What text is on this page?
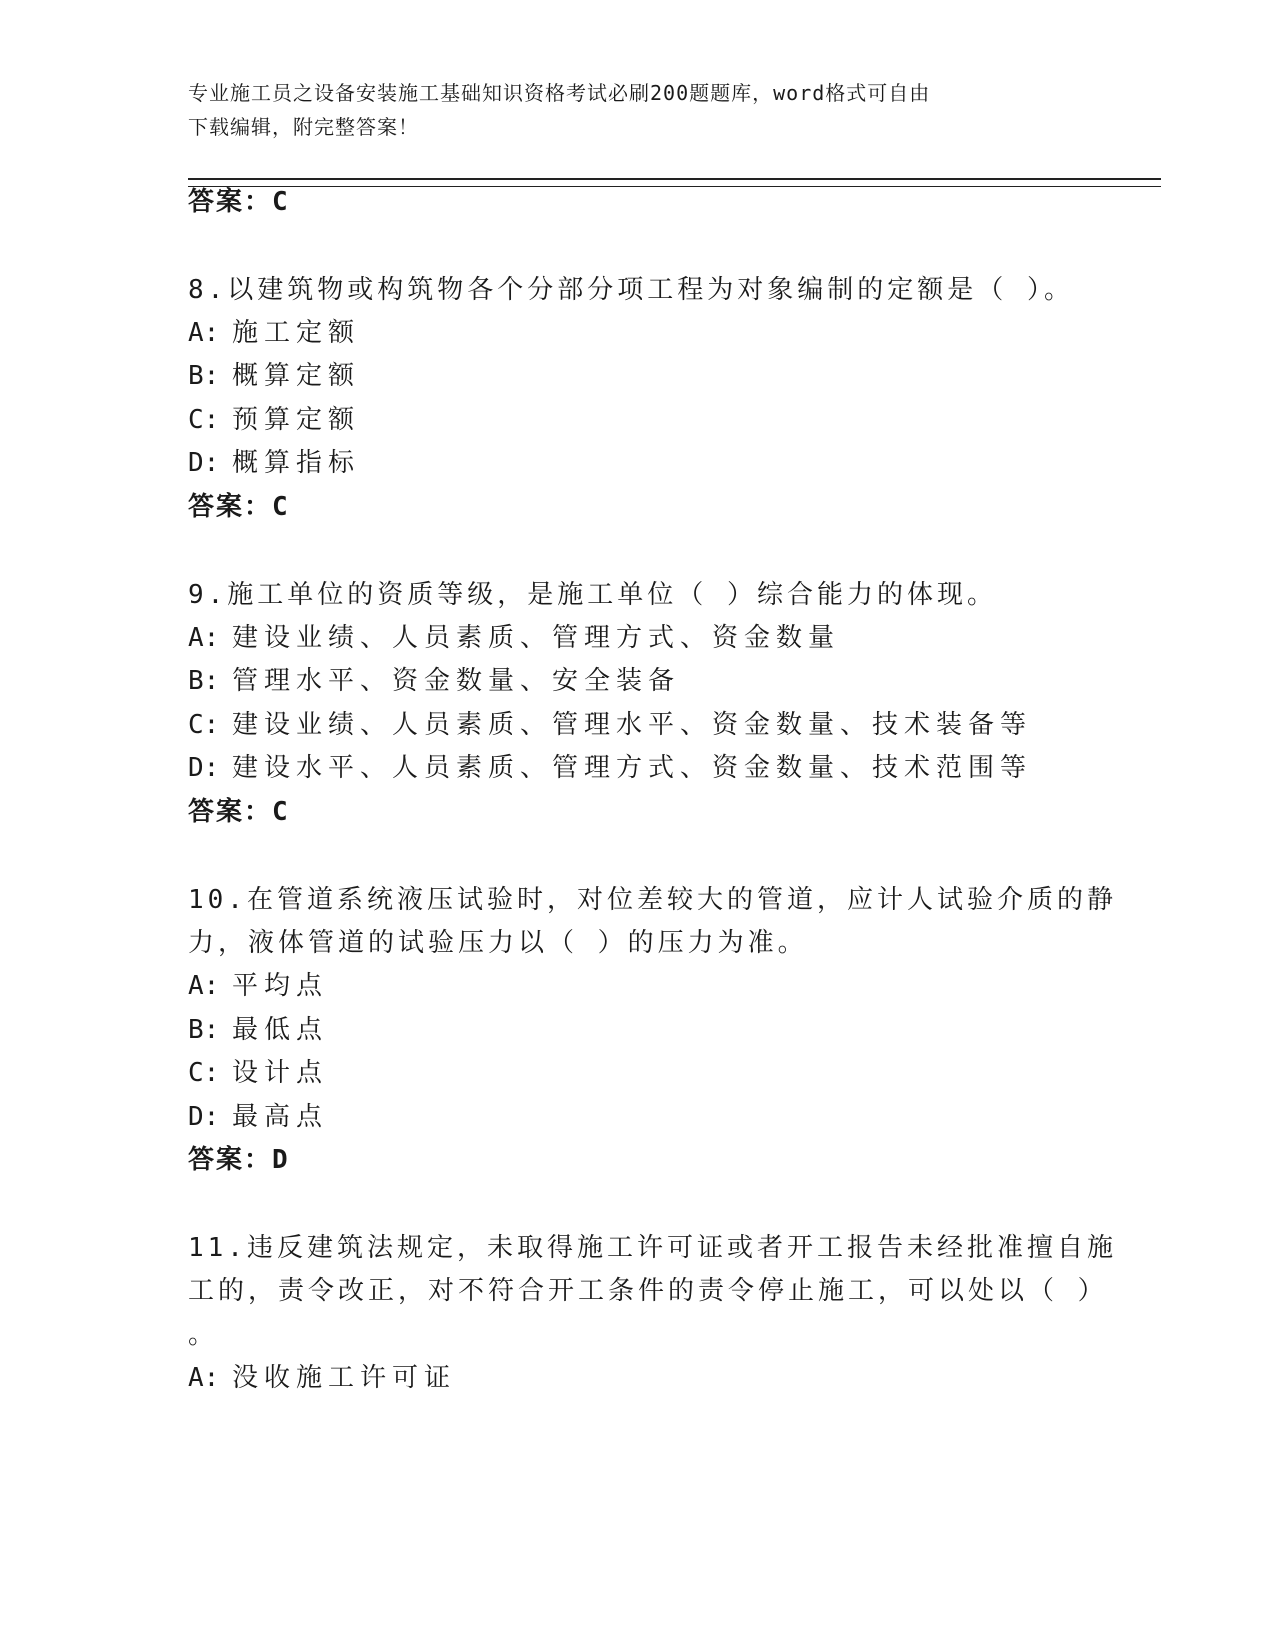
专业施工员之设备安装施工基础知识资格考试必刷200题题库，word格式可自由
下载编辑，附完整答案！
答案：C
8.以建筑物或构筑物各个分部分项工程为对象编制的定额是（ ）。
A: 施工定额
B: 概算定额
C: 预算定额
D: 概算指标
答案：C
9.施工单位的资质等级，是施工单位（ ）综合能力的体现。
A: 建设业绩、人员素质、管理方式、资金数量
B: 管理水平、资金数量、安全装备
C: 建设业绩、人员素质、管理水平、资金数量、技术装备等
D: 建设水平、人员素质、管理方式、资金数量、技术范围等
答案：C
10.在管道系统液压试验时，对位差较大的管道，应计人试验介质的静
力，液体管道的试验压力以（ ）的压力为准。
A: 平均点
B: 最低点
C: 设计点
D: 最高点
答案：D
11.违反建筑法规定，未取得施工许可证或者开工报告未经批准擅自施
工的，责令改正，对不符合开工条件的责令停止施工，可以处以（ ）
。
A: 没收施工许可证
